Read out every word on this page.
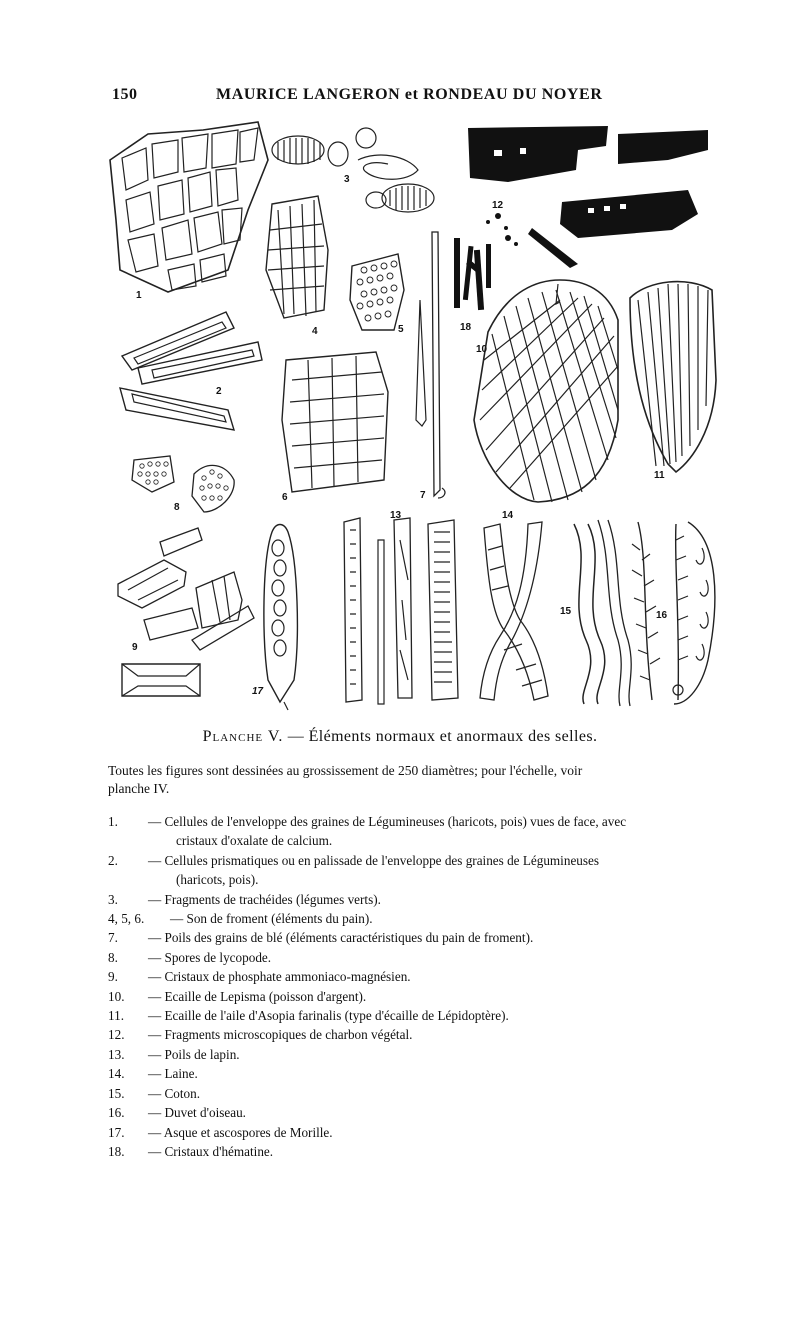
150	MAURICE LANGERON et RONDEAU DU NOYER
1
3
12
4	5
2
6	7
18
10
11
8
9
17
13	14
15	16
Planche V. — Éléments normaux et anormaux des selles.
Toutes les figures sont dessinées au grossissement de 250 diamètres; pour l'échelle, voir
planche IV.
1. — Cellules de l'enveloppe des graines de Légumineuses (haricots, pois) vues de face, avec
cristaux d'oxalate de calcium.
2. — Cellules prismatiques ou en palissade de l'enveloppe des graines de Légumineuses
(haricots, pois).
3. — Fragments de trachéides (légumes verts).
4, 5, 6. — Son de froment (éléments du pain).
7. — Poils des grains de blé (éléments caractéristiques du pain de froment).
8. — Spores de lycopode.
9. — Cristaux de phosphate ammoniaco-magnésien.
10. — Ecaille de Lepisma (poisson d'argent).
11. — Ecaille de l'aile d'Asopia farinalis (type d'écaille de Lépidoptère).
12. — Fragments microscopiques de charbon végétal.
13. — Poils de lapin.
14. — Laine.
15. — Coton.
16. — Duvet d'oiseau.
17. — Asque et ascospores de Morille.
18. — Cristaux d'hématine.
